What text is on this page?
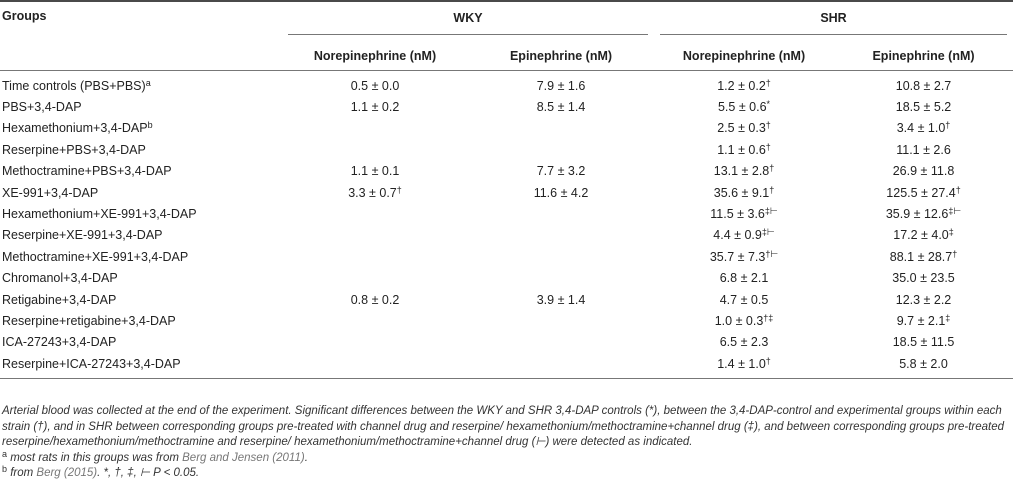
Groups	WKY		SHR	

	Norepinephrine (nM)	Epinephrine (nM)	Norepinephrine (nM)	Epinephrine (nM)
Time controls $(PBS+PBS)^a$	0.5 ± 0.0	7.9 ± 1.6	1.2 ± 0.2†	10.8 ± 2.7
PBS+3,4-DAP	1.1 ± 0.2	8.5 ± 1.4	5.5 ± 0.6*	18.5 ± 5.2
$Hexamethonium+3,4-DAP^b$			2.5 ± 0.3†	3.4 ± 1.0†
Reserpine+PBS+3,4-DAP			1.1 ± 0.6†	11.1 ± 2.6
Methoctramine+PBS+3,4-DAP	1.1 ± 0.1	7.7 ± 3.2	13.1 ± 2.8†	26.9 ± 11.8
XE-991+3,4-DAP	3.3 ± 0.7†	11.6 ± 4.2	35.6 ± 9.1†	125.5 ± 27.4†
Hexamethonium+XE-991+3,4-DAP			11.5 ± 3.6‡⊢	35.9 ± 12.6‡⊢
Reserpine+XE-991+3,4-DAP			4.4 ± 0.9‡⊢	17.2 ± 4.0‡
Methoctramine+XE-991+3,4-DAP			35.7 ± 7.3†⊢	88.1 ± 28.7†
Chromanol+3,4-DAP			6.8 ± 2.1	35.0 ± 23.5
Retigabine+3,4-DAP	0.8 ± 0.2	3.9 ± 1.4	4.7 ± 0.5	12.3 ± 2.2
Reserpine+retigabine+3,4-DAP			1.0 ± 0.3†‡	9.7 ± 2.1‡
ICA-27243+3,4-DAP			6.5 ± 2.3	18.5 ± 11.5
Reserpine+ICA-27243+3,4-DAP			1.4 ± 1.0†	5.8 ± 2.0

Arterial blood was collected at the end of the experiment. Significant differences between the WKY and SHR 3,4-DAP controls (*), between the 3,4-DAP-control and experimental groups within each strain (†), and in SHR between corresponding groups pre-treated with channel drug and reserpine/ hexamethonium/methoctramine+channel drug (‡), and between corresponding groups pre-treated reserpine/hexamethonium/methoctramine and reserpine/ hexamethonium/methoctramine+channel drug (⊢) were detected as indicated.

$^a$ most rats in this groups was from Berg and Jensen (2011).

$^b$ from Berg (2015). *, †, ‡, ⊢ P < 0.05.
